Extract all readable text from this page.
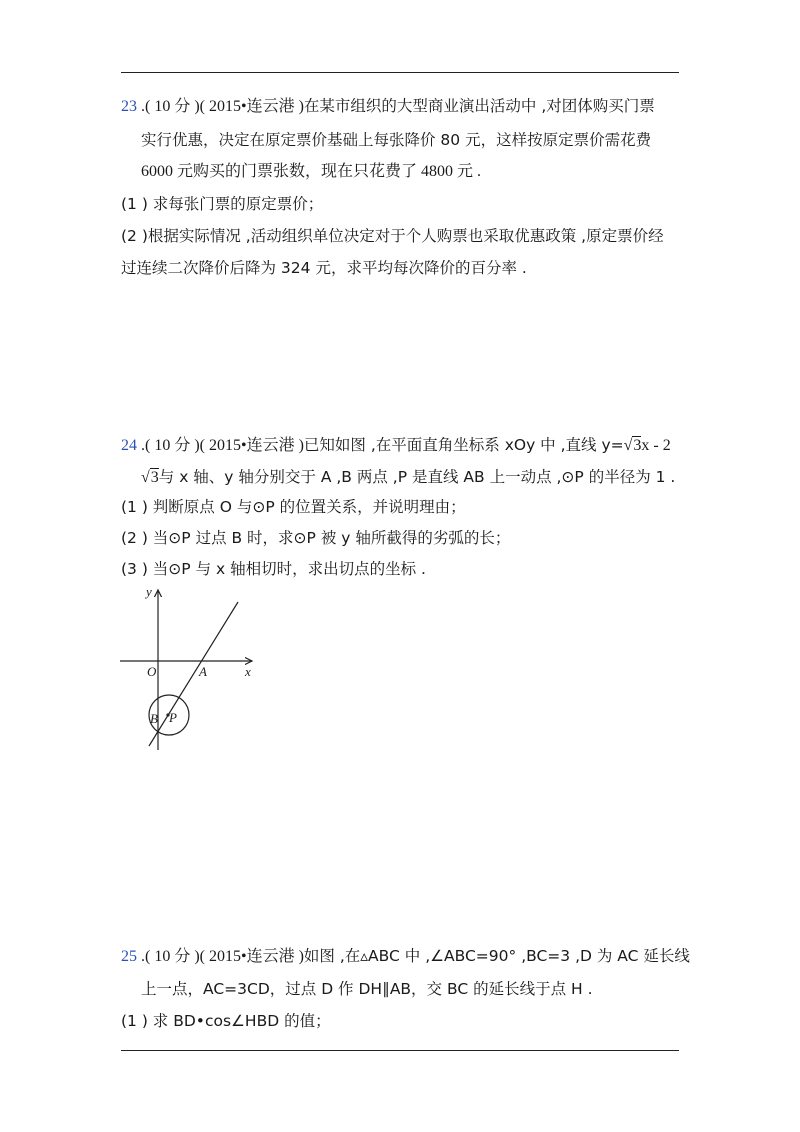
23 .( 10 分 )( 2015•连云港 )在某市组织的大型商业演出活动中 ,对团体购买门票
实行优惠，决定在原定票价基础上每张降价 80 元，这样按原定票价需花费
6000 元购买的门票张数，现在只花费了 4800 元 .
(1 ) 求每张门票的原定票价；
(2 )根据实际情况 ,活动组织单位决定对于个人购票也采取优惠政策 ,原定票价经
过连续二次降价后降为 324 元，求平均每次降价的百分率 .
24 .( 10 分 )( 2015•连云港 )已知如图 ,在平面直角坐标系 xOy 中 ,直线 y=√3x - 2
√3与 x 轴、y 轴分别交于 A ,B 两点 ,P 是直线 AB 上一动点 ,⊙P 的半径为 1 .
(1 ) 判断原点 O 与⊙P 的位置关系，并说明理由；
(2 ) 当⊙P 过点 B 时，求⊙P 被 y 轴所截得的劣弧的长；
(3 ) 当⊙P 与 x 轴相切时，求出切点的坐标 .
y
x
O	A
B P
25 .( 10 分 )( 2015•连云港 )如图 ,在▵ABC 中 ,∠ABC=90° ,BC=3 ,D 为 AC 延长线
上一点，AC=3CD，过点 D 作 DH∥AB，交 BC 的延长线于点 H .
(1 ) 求 BD•cos∠HBD 的值；
